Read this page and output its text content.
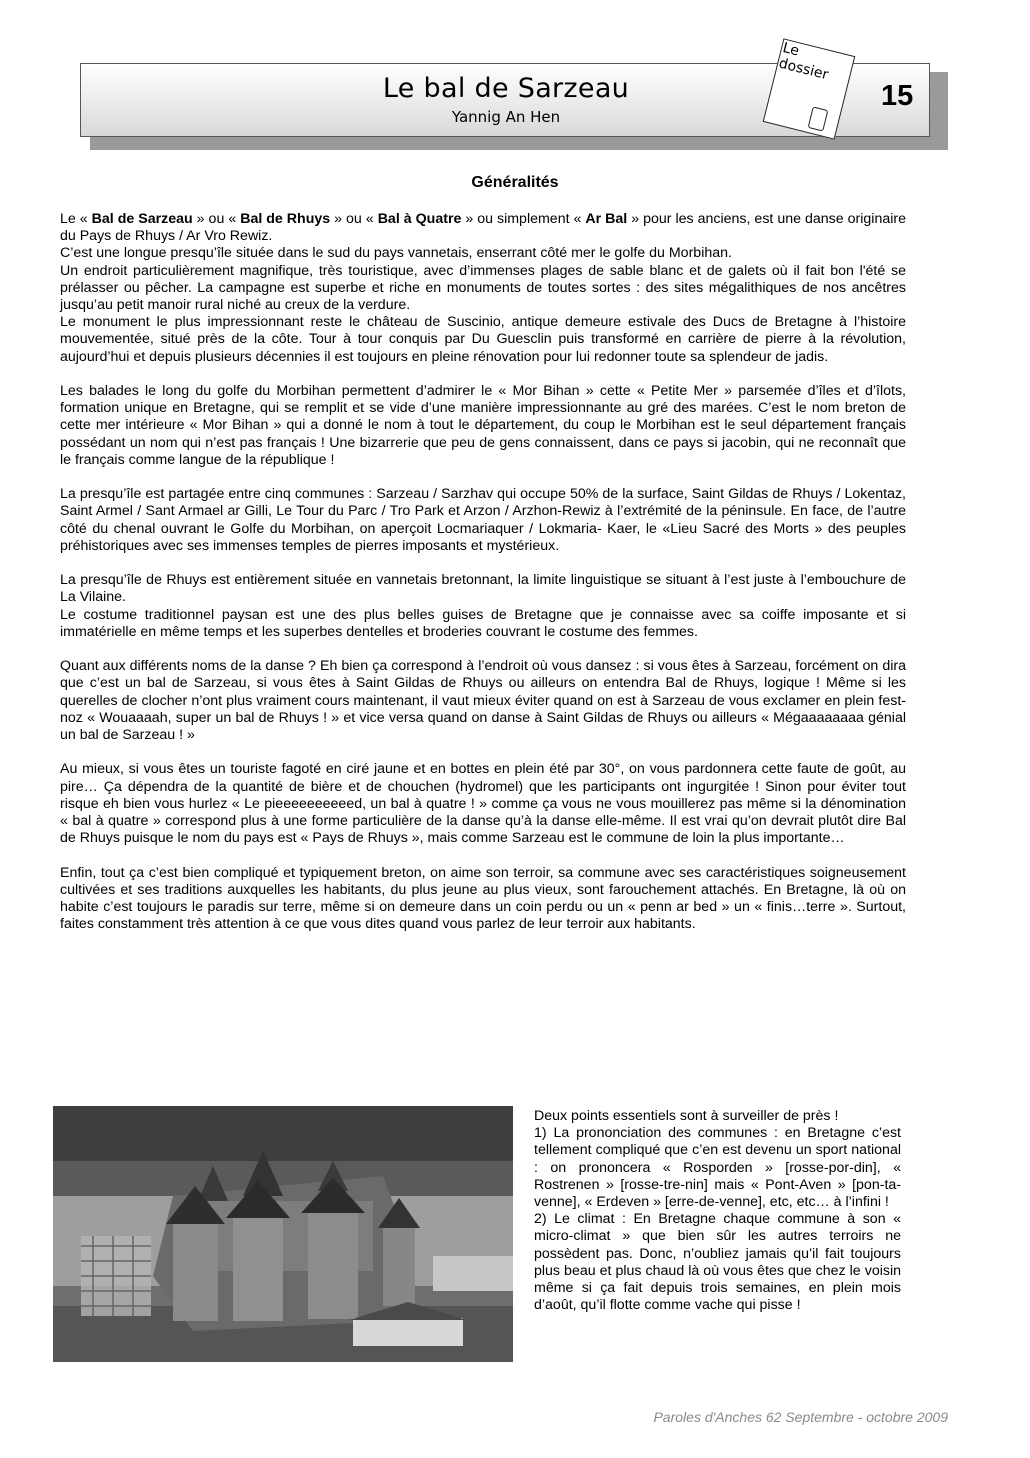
Le bal de Sarzeau
Yannig An Hen
15
Le
dossier
Généralités

Le « Bal de Sarzeau » ou « Bal de Rhuys » ou « Bal à Quatre » ou simplement « Ar Bal » pour les anciens, est une danse originaire du Pays de Rhuys / Ar Vro Rewiz.

C’est une longue presqu’île située dans le sud du pays vannetais, enserrant côté mer le golfe du Morbihan.

Un endroit particulièrement magnifique, très touristique, avec d’immenses plages de sable blanc et de galets où il fait bon l'été se prélasser ou pêcher. La campagne est superbe et riche en monuments de toutes sortes : des sites mégalithiques de nos ancêtres jusqu’au petit manoir rural niché au creux de la verdure.

Le monument le plus impressionnant reste le château de Suscinio, antique demeure estivale des Ducs de Bretagne à l’histoire mouvementée, situé près de la côte. Tour à tour conquis par Du Guesclin puis transformé en carrière de pierre à la révolution, aujourd’hui et depuis plusieurs décennies il est toujours en pleine rénovation pour lui redonner toute sa splendeur de jadis.

Les balades le long du golfe du Morbihan permettent d’admirer le « Mor Bihan » cette « Petite Mer » parsemée d’îles et d’îlots, formation unique en Bretagne, qui se remplit et se vide d’une manière impressionnante au gré des marées. C’est le nom breton de cette mer intérieure « Mor Bihan » qui a donné le nom à tout le département, du coup le Morbihan est le seul département français possédant un nom qui n’est pas français ! Une bizarrerie que peu de gens connaissent, dans ce pays si jacobin, qui ne reconnaît que le français comme langue de la république !

La presqu’île est partagée entre cinq communes : Sarzeau / Sarzhav qui occupe 50% de la surface, Saint Gildas de Rhuys / Lokentaz, Saint Armel / Sant Armael ar Gilli, Le Tour du Parc / Tro Park et Arzon / Arzhon-Rewiz à l’extrémité de la péninsule. En face, de l’autre côté du chenal ouvrant le Golfe du Morbihan, on aperçoit Locmariaquer / Lokmaria- Kaer, le «Lieu Sacré des Morts » des peuples préhistoriques avec ses immenses temples de pierres imposants et mystérieux.

La presqu’île de Rhuys est entièrement située en vannetais bretonnant, la limite linguistique se situant à l’est juste à l’embouchure de La Vilaine.

Le costume traditionnel paysan est une des plus belles guises de Bretagne que je connaisse avec sa coiffe imposante et si immatérielle en même temps et les superbes dentelles et broderies couvrant le costume des femmes.

Quant aux différents noms de la danse ? Eh bien ça correspond à l’endroit où vous dansez : si vous êtes à Sarzeau, forcément on dira que c’est un bal de Sarzeau, si vous êtes à Saint Gildas de Rhuys ou ailleurs on entendra Bal de Rhuys, logique ! Même si les querelles de clocher n’ont plus vraiment cours maintenant, il vaut mieux éviter quand on est à Sarzeau de vous exclamer en plein fest-noz « Wouaaaah, super un bal de Rhuys ! » et vice versa quand on danse à Saint Gildas de Rhuys ou ailleurs « Mégaaaaaaaa génial un bal de Sarzeau ! »

Au mieux, si vous êtes un touriste fagoté en ciré jaune et en bottes en plein été par 30°, on vous pardonnera cette faute de goût, au pire… Ça dépendra de la quantité de bière et de chouchen (hydromel) que les participants ont ingurgitée ! Sinon pour éviter tout risque eh bien vous hurlez « Le pieeeeeeeeeed, un bal à quatre ! » comme ça vous ne vous mouillerez pas même si la dénomination « bal à quatre » correspond plus à une forme particulière de la danse qu’à la danse elle-même. Il est vrai qu’on devrait plutôt dire Bal de Rhuys puisque le nom du pays est « Pays de Rhuys », mais comme Sarzeau est le commune de loin la plus importante…

Enfin, tout ça c’est bien compliqué et typiquement breton, on aime son terroir, sa commune avec ses caractéristiques soigneusement cultivées et ses traditions auxquelles les habitants, du plus jeune au plus vieux, sont farouchement attachés. En Bretagne, là où on habite c’est toujours le paradis sur terre, même si on demeure dans un coin perdu ou un « penn ar bed » un « finis…terre ». Surtout, faites constamment très attention à ce que vous dites quand vous parlez de leur terroir aux habitants.

Deux points essentiels sont à surveiller de près !

1) La prononciation des communes : en Bretagne c’est tellement compliqué que c’en est devenu un sport national : on prononcera « Rosporden » [rosse-por-din], « Rostrenen » [rosse-tre-nin] mais « Pont-Aven » [pon-ta-venne], « Erdeven » [erre-de-venne], etc, etc… à l’infini !

2) Le climat : En Bretagne chaque commune à son « micro-climat » que bien sûr les autres terroirs ne possèdent pas. Donc, n’oubliez jamais qu’il fait toujours plus beau et plus chaud là où vous êtes que chez le voisin même si ça fait depuis trois semaines, en plein mois d’août, qu’il flotte comme vache qui pisse !

Paroles d'Anches 62 Septembre - octobre 2009
